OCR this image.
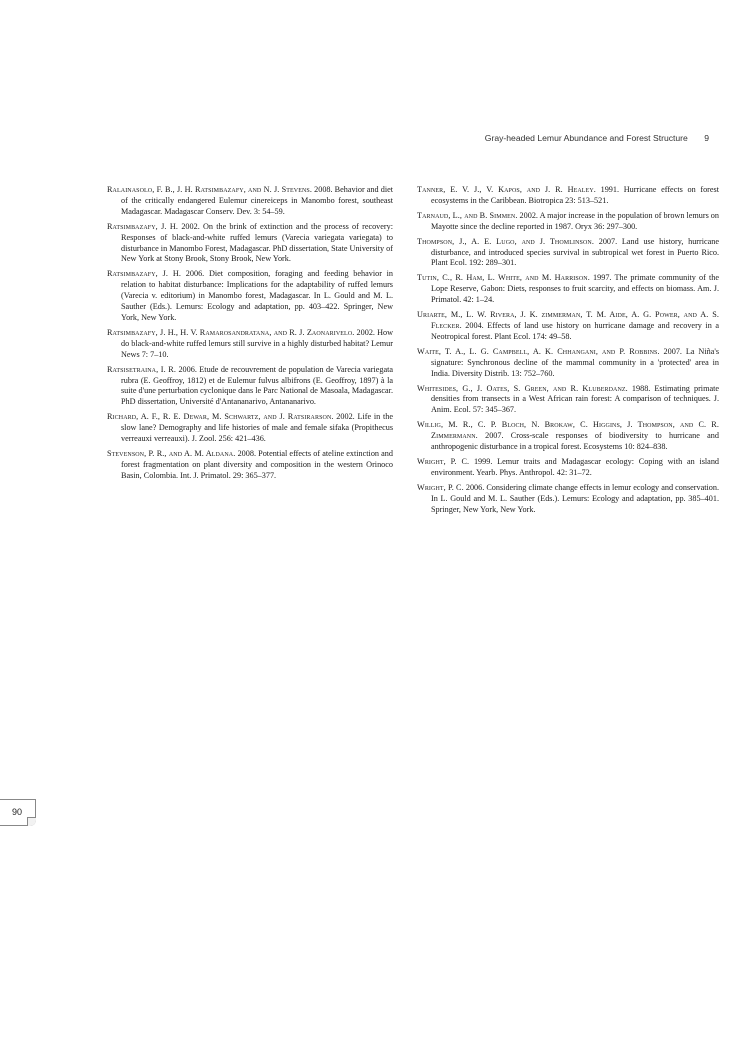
Gray-headed Lemur Abundance and Forest Structure 9

Ralainasolo, F. B., J. H. Ratsimbazafy, and N. J. Stevens. 2008. Behavior and diet of the critically endangered Eulemur cinereiceps in Manombo forest, southeast Madagascar. Madagascar Conserv. Dev. 3: 54–59.

Ratsimbazafy, J. H. 2002. On the brink of extinction and the process of recovery: Responses of black-and-white ruffed lemurs (Varecia variegata variegata) to disturbance in Manombo Forest, Madagascar. PhD dissertation, State University of New York at Stony Brook, Stony Brook, New York.

Ratsimbazafy, J. H. 2006. Diet composition, foraging and feeding behavior in relation to habitat disturbance: Implications for the adaptability of ruffed lemurs (Varecia v. editorium) in Manombo forest, Madagascar. In L. Gould and M. L. Sauther (Eds.). Lemurs: Ecology and adaptation, pp. 403–422. Springer, New York, New York.

Ratsimbazafy, J. H., H. V. Ramarosandratana, and R. J. Zaonarivelo. 2002. How do black-and-white ruffed lemurs still survive in a highly disturbed habitat? Lemur News 7: 7–10.

Ratsisetraina, I. R. 2006. Etude de recouvrement de population de Varecia variegata rubra (E. Geoffroy, 1812) et de Eulemur fulvus albifrons (E. Geoffroy, 1897) à la suite d'une perturbation cyclonique dans le Parc National de Masoala, Madagascar. PhD dissertation, Université d'Antananarivo, Antananarivo.

Richard, A. F., R. E. Dewar, M. Schwartz, and J. Ratsirarson. 2002. Life in the slow lane? Demography and life histories of male and female sifaka (Propithecus verreauxi verreauxi). J. Zool. 256: 421–436.

Stevenson, P. R., and A. M. Aldana. 2008. Potential effects of ateline extinction and forest fragmentation on plant diversity and composition in the western Orinoco Basin, Colombia. Int. J. Primatol. 29: 365–377.

Tanner, E. V. J., V. Kapos, and J. R. Healey. 1991. Hurricane effects on forest ecosystems in the Caribbean. Biotropica 23: 513–521.

Tarnaud, L., and B. Simmen. 2002. A major increase in the population of brown lemurs on Mayotte since the decline reported in 1987. Oryx 36: 297–300.

Thompson, J., A. E. Lugo, and J. Thomlinson. 2007. Land use history, hurricane disturbance, and introduced species survival in subtropical wet forest in Puerto Rico. Plant Ecol. 192: 289–301.

Tutin, C., R. Ham, L. White, and M. Harrison. 1997. The primate community of the Lope Reserve, Gabon: Diets, responses to fruit scarcity, and effects on biomass. Am. J. Primatol. 42: 1–24.

Uriarte, M., L. W. Rivera, J. K. zimmerman, T. M. Aide, A. G. Power, and A. S. Flecker. 2004. Effects of land use history on hurricane damage and recovery in a Neotropical forest. Plant Ecol. 174: 49–58.

Waite, T. A., L. G. Campbell, A. K. Chhangani, and P. Robbins. 2007. La Niña's signature: Synchronous decline of the mammal community in a 'protected' area in India. Diversity Distrib. 13: 752–760.

Whitesides, G., J. Oates, S. Green, and R. Kluberdanz. 1988. Estimating primate densities from transects in a West African rain forest: A comparison of techniques. J. Anim. Ecol. 57: 345–367.

Willig, M. R., C. P. Bloch, N. Brokaw, C. Higgins, J. Thompson, and C. R. Zimmermann. 2007. Cross-scale responses of biodiversity to hurricane and anthropogenic disturbance in a tropical forest. Ecosystems 10: 824–838.

Wright, P. C. 1999. Lemur traits and Madagascar ecology: Coping with an island environment. Yearb. Phys. Anthropol. 42: 31–72.

Wright, P. C. 2006. Considering climate change effects in lemur ecology and conservation. In L. Gould and M. L. Sauther (Eds.). Lemurs: Ecology and adaptation, pp. 385–401. Springer, New York, New York.

90
